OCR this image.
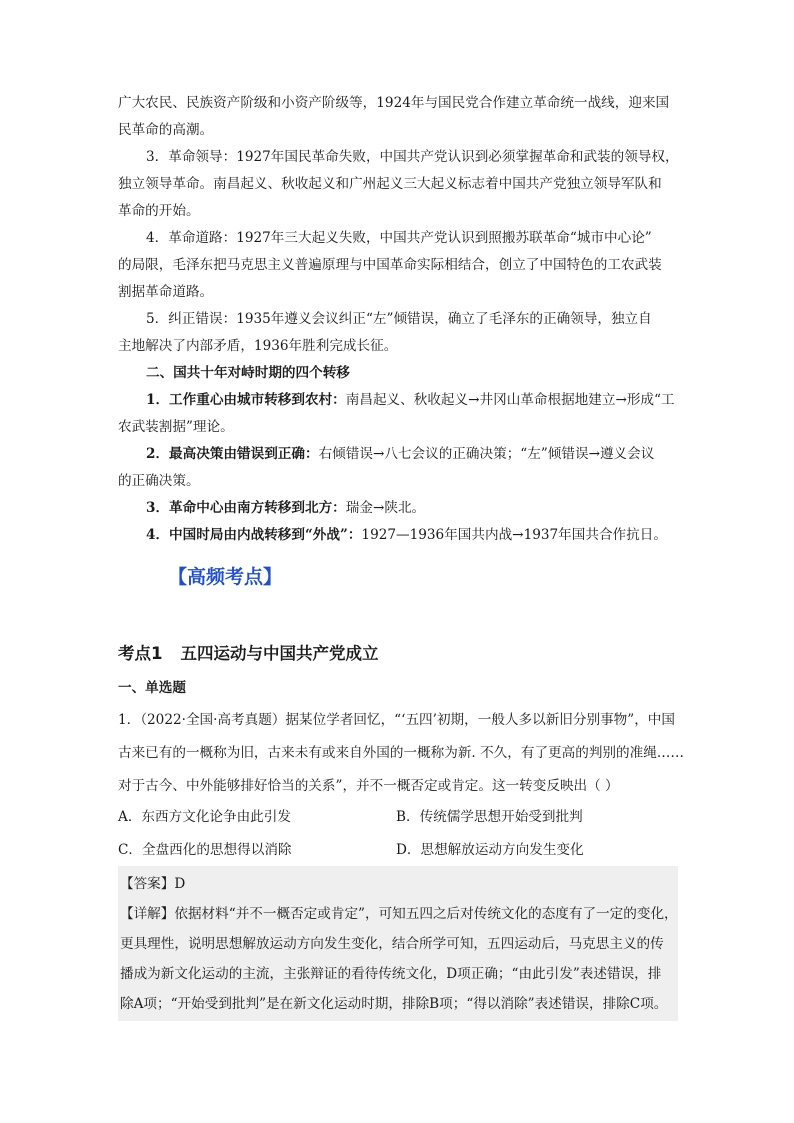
广大农民、民族资产阶级和小资产阶级等，1924年与国民党合作建立革命统一战线，迎来国
民革命的高潮。
3．革命领导：1927年国民革命失败，中国共产党认识到必须掌握革命和武装的领导权，
独立领导革命。南昌起义、秋收起义和广州起义三大起义标志着中国共产党独立领导军队和
革命的开始。
4．革命道路：1927年三大起义失败，中国共产党认识到照搬苏联革命“城市中心论”
的局限，毛泽东把马克思主义普遍原理与中国革命实际相结合，创立了中国特色的工农武装
割据革命道路。
5．纠正错误：1935年遵义会议纠正“左”倾错误，确立了毛泽东的正确领导，独立自
主地解决了内部矛盾，1936年胜利完成长征。
二、国共十年对峙时期的四个转移
1．工作重心由城市转移到农村：南昌起义、秋收起义→井冈山革命根据地建立→形成“工
农武装割据”理论。
2．最高决策由错误到正确：右倾错误→八七会议的正确决策；“左”倾错误→遵义会议
的正确决策。
3．革命中心由南方转移到北方：瑞金→陕北。
4．中国时局由内战转移到“外战”：1927—1936年国共内战→1937年国共合作抗日。
【高频考点】
考点1 五四运动与中国共产党成立
一、单选题
1．（2022·全国·高考真题）据某位学者回忆，“‘五四’初期，一般人多以新旧分别事物”，中国
古来已有的一概称为旧，古来未有或来自外国的一概称为新. 不久，有了更高的判别的准绳……
对于古今、中外能够排好恰当的关系”，并不一概否定或肯定。这一转变反映出（ ）
A．东西方文化论争由此引发	B．传统儒学思想开始受到批判
C．全盘西化的思想得以消除	D．思想解放运动方向发生变化
【答案】D
【详解】依据材料“并不一概否定或肯定”，可知五四之后对传统文化的态度有了一定的变化，
更具理性，说明思想解放运动方向发生变化，结合所学可知，五四运动后，马克思主义的传
播成为新文化运动的主流，主张辩证的看待传统文化，D项正确；“由此引发”表述错误，排
除A项；“开始受到批判”是在新文化运动时期，排除B项；“得以消除”表述错误，排除C项。
